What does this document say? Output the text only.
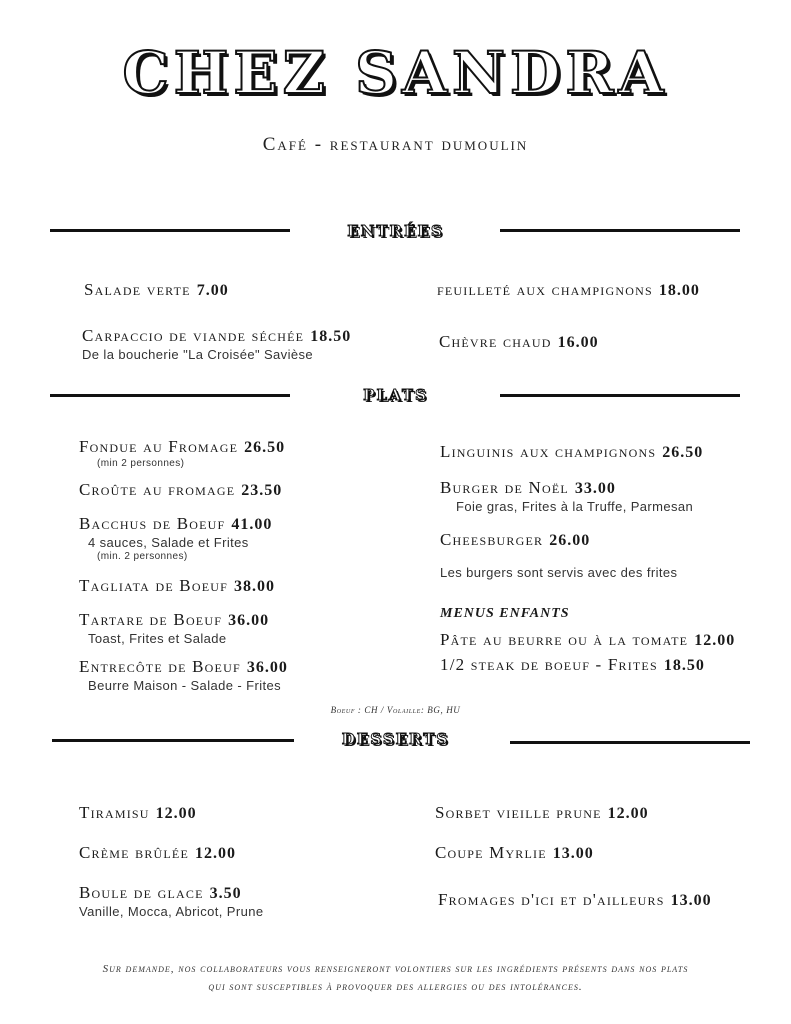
CHEZ SANDRA
Café - restaurant dumoulin
entrées
Salade verte 7.00
Carpaccio de viande séchée 18.50
De la boucherie "La Croisée" Savièse
feuilleté aux champignons 18.00
Chèvre chaud 16.00
plats
Fondue au Fromage 26.50
(min 2 personnes)
Croûte au fromage 23.50
Bacchus de Boeuf 41.00
4 sauces, Salade et Frites
(min. 2 personnes)
Tagliata de Boeuf 38.00
Tartare de Boeuf 36.00
Toast, Frites et Salade
Entrecôte de Boeuf 36.00
Beurre Maison - Salade - Frites
Linguinis aux champignons 26.50
Burger de Noël 33.00
Foie gras, Frites à la Truffe, Parmesan
Cheesburger 26.00
Les burgers sont servis avec des frites
MENUS ENFANTS
Pâte au beurre ou à la tomate 12.00
1/2 steak de boeuf - Frites 18.50
Boeuf : CH / Volaille: BG, HU
desserts
Tiramisu 12.00
Crème brûlée 12.00
Boule de glace 3.50
Vanille, Mocca, Abricot, Prune
Sorbet vieille prune 12.00
Coupe Myrlie 13.00
Fromages d'ici et d'ailleurs 13.00
Sur demande, nos collaborateurs vous renseigneront volontiers sur les ingrédients présents dans nos plats
qui sont susceptibles à provoquer des allergies ou des intolérances.
